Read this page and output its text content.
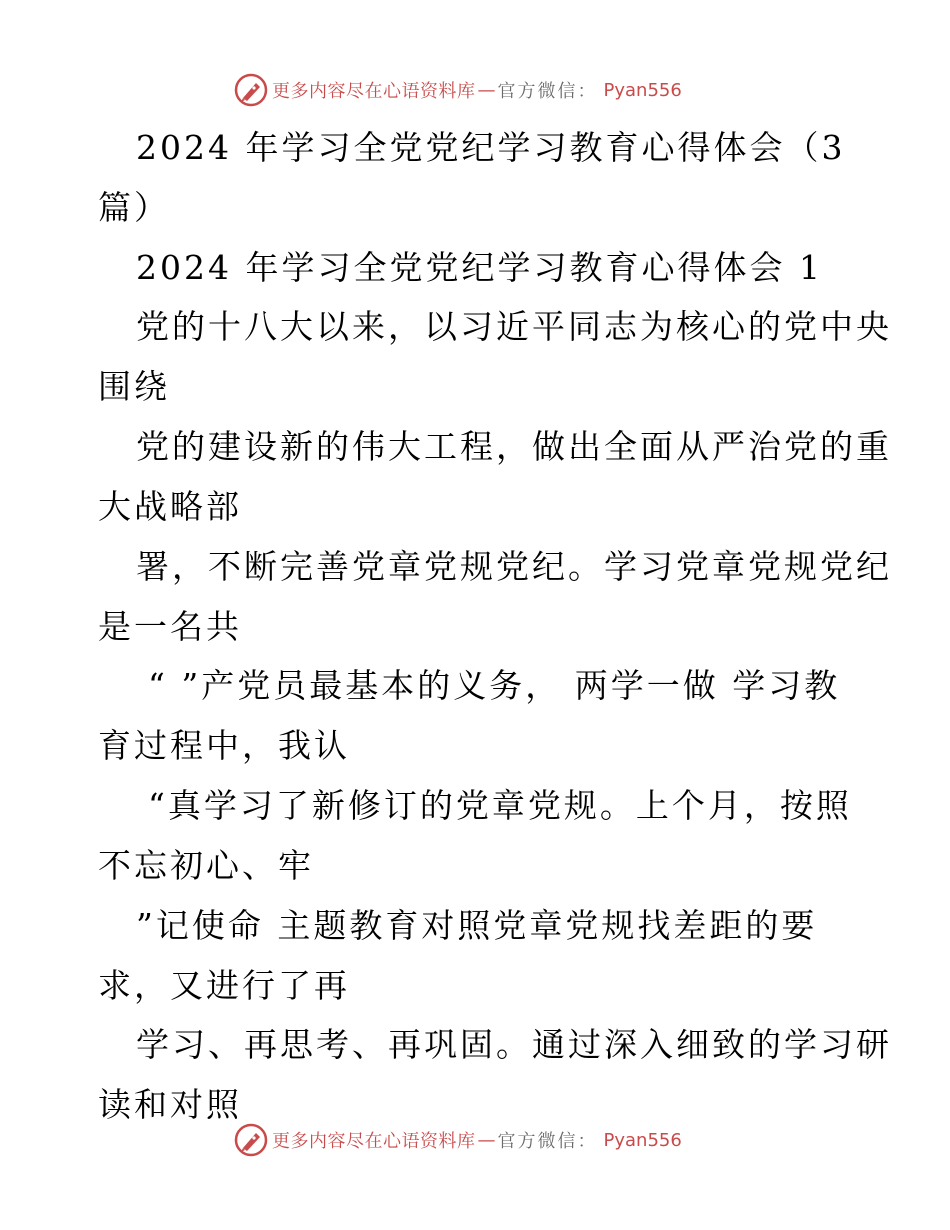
更多内容尽在心语资料库 — 官方微信： Pyan556
2024 年学习全党党纪学习教育心得体会（3
篇）
2024 年学习全党党纪学习教育心得体会 1
党的十八大以来，以习近平同志为核心的党中央
围绕
党的建设新的伟大工程，做出全面从严治党的重
大战略部
署，不断完善党章党规党纪。学习党章党规党纪
是一名共
“ ”产党员最基本的义务， 两学一做 学习教
育过程中，我认
“真学习了新修订的党章党规。上个月，按照
不忘初心、牢
”记使命 主题教育对照党章党规找差距的要
求，又进行了再
学习、再思考、再巩固。通过深入细致的学习研
读和对照
更多内容尽在心语资料库 — 官方微信： Pyan556
